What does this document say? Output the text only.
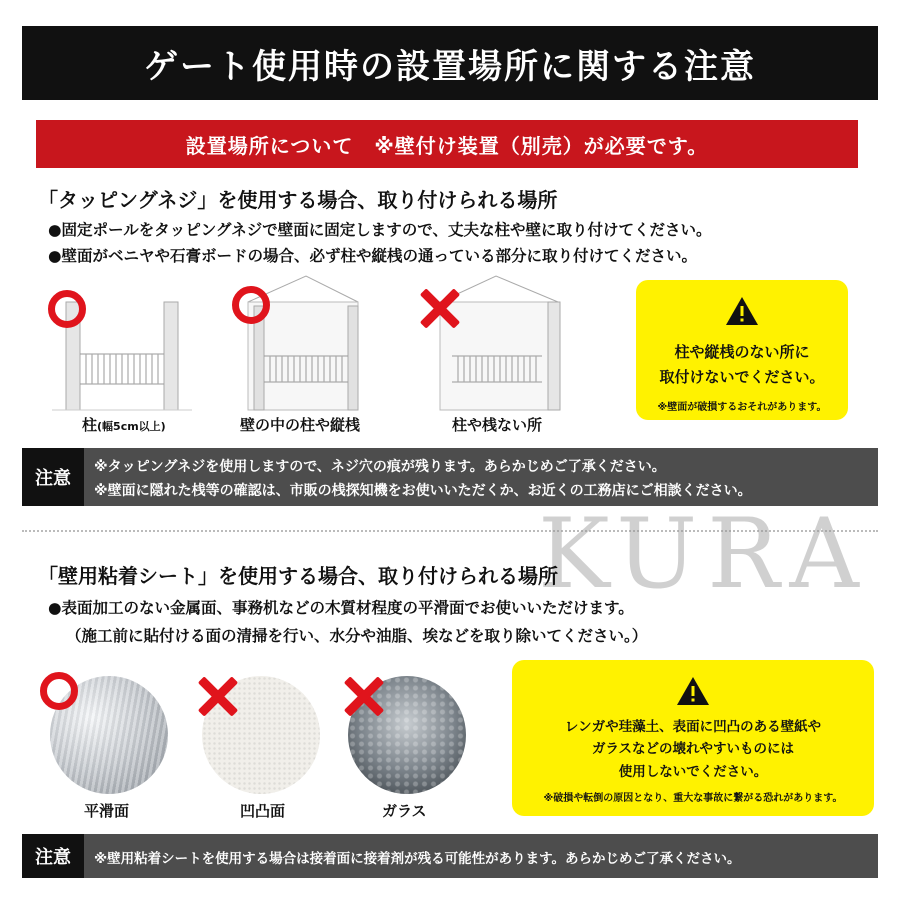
ゲート使用時の設置場所に関する注意
設置場所について　※壁付け装置（別売）が必要です。
「タッピングネジ」を使用する場合、取り付けられる場所
●固定ポールをタッピングネジで壁面に固定しますので、丈夫な柱や壁に取り付けてください。
●壁面がベニヤや石膏ボードの場合、必ず柱や縦桟の通っている部分に取り付けてください。
柱(幅5cm以上)	壁の中の柱や縦桟	柱や桟ない所
柱や縦桟のない所に
取付けないでください。
※壁面が破損するおそれがあります。
注意
※タッピングネジを使用しますので、ネジ穴の痕が残ります。あらかじめご了承ください。
※壁面に隠れた桟等の確認は、市販の桟探知機をお使いいただくか、お近くの工務店にご相談ください。
KURA
「壁用粘着シート」を使用する場合、取り付けられる場所
●表面加工のない金属面、事務机などの木質材程度の平滑面でお使いいただけます。
（施工前に貼付ける面の清掃を行い、水分や油脂、埃などを取り除いてください。）
平滑面	凹凸面	ガラス
レンガや珪藻土、表面に凹凸のある壁紙や
ガラスなどの壊れやすいものには
使用しないでください。
※破損や転倒の原因となり、重大な事故に繋がる恐れがあります。
注意	※壁用粘着シートを使用する場合は接着面に接着剤が残る可能性があります。あらかじめご了承ください。
